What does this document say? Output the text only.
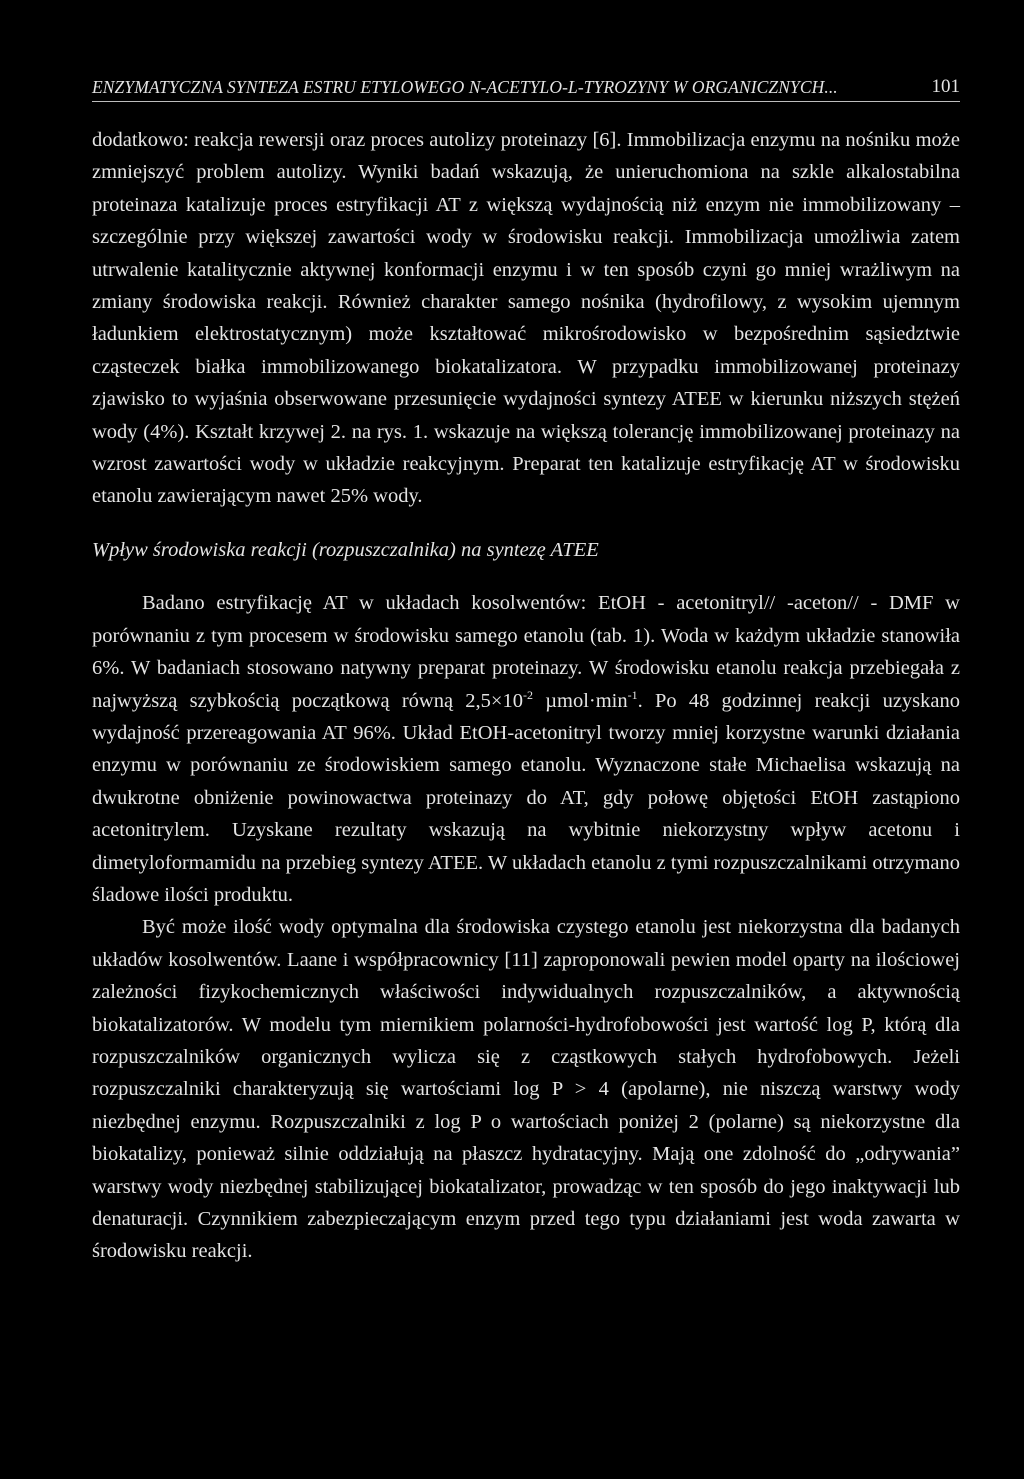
ENZYMATYCZNA SYNTEZA ESTRU ETYLOWEGO N-ACETYLO-L-TYROZYNY W ORGANICZNYCH...	101

dodatkowo: reakcja rewersji oraz proces autolizy proteinazy [6]. Immobilizacja enzymu na nośniku może zmniejszyć problem autolizy. Wyniki badań wskazują, że unieruchomiona na szkle alkalostabilna proteinaza katalizuje proces estryfikacji AT z większą wydajnością niż enzym nie immobilizowany – szczególnie przy większej zawartości wody w środowisku reakcji. Immobilizacja umożliwia zatem utrwalenie katalitycznie aktywnej konformacji enzymu i w ten sposób czyni go mniej wrażliwym na zmiany środowiska reakcji. Również charakter samego nośnika (hydrofilowy, z wysokim ujemnym ładunkiem elektrostatycznym) może kształtować mikrośrodowisko w bezpośrednim sąsiedztwie cząsteczek białka immobilizowanego biokatalizatora. W przypadku immobilizowanej proteinazy zjawisko to wyjaśnia obserwowane przesunięcie wydajności syntezy ATEE w kierunku niższych stężeń wody (4%). Kształt krzywej 2. na rys. 1. wskazuje na większą tolerancję immobilizowanej proteinazy na wzrost zawartości wody w układzie reakcyjnym. Preparat ten katalizuje estryfikację AT w środowisku etanolu zawierającym nawet 25% wody.

Wpływ środowiska reakcji (rozpuszczalnika) na syntezę ATEE

Badano estryfikację AT w układach kosolwentów: EtOH - acetonitryl// -aceton// - DMF w porównaniu z tym procesem w środowisku samego etanolu (tab. 1). Woda w każdym układzie stanowiła 6%. W badaniach stosowano natywny preparat proteinazy. W środowisku etanolu reakcja przebiegała z najwyższą szybkością początkową równą $2,5\times 10^{-2}$ $\mu mol\cdot\min^{-1}$. Po 48 godzinnej reakcji uzyskano wydajność przereagowania AT 96%. Układ EtOH-acetonitryl tworzy mniej korzystne warunki działania enzymu w porównaniu ze środowiskiem samego etanolu. Wyznaczone stałe Michaelisa wskazują na dwukrotne obniżenie powinowactwa proteinazy do AT, gdy połowę objętości EtOH zastąpiono acetonitrylem. Uzyskane rezultaty wskazują na wybitnie niekorzystny wpływ acetonu i dimetyloformamidu na przebieg syntezy ATEE. W układach etanolu z tymi rozpuszczalnikami otrzymano śladowe ilości produktu.

Być może ilość wody optymalna dla środowiska czystego etanolu jest niekorzystna dla badanych układów kosolwentów. Laane i współpracownicy [11] zaproponowali pewien model oparty na ilościowej zależności fizykochemicznych właściwości indywidualnych rozpuszczalników, a aktywnością biokatalizatorów. W modelu tym miernikiem polarności-hydrofobowości jest wartość log P, którą dla rozpuszczalników organicznych wylicza się z cząstkowych stałych hydrofobowych. Jeżeli rozpuszczalniki charakteryzują się wartościami log P > 4 (apolarne), nie niszczą warstwy wody niezbędnej enzymu. Rozpuszczalniki z log P o wartościach poniżej 2 (polarne) są niekorzystne dla biokatalizy, ponieważ silnie oddziałują na płaszcz hydratacyjny. Mają one zdolność do „odrywania” warstwy wody niezbędnej stabilizującej biokatalizator, prowadząc w ten sposób do jego inaktywacji lub denaturacji. Czynnikiem zabezpieczającym enzym przed tego typu działaniami jest woda zawarta w środowisku reakcji.
